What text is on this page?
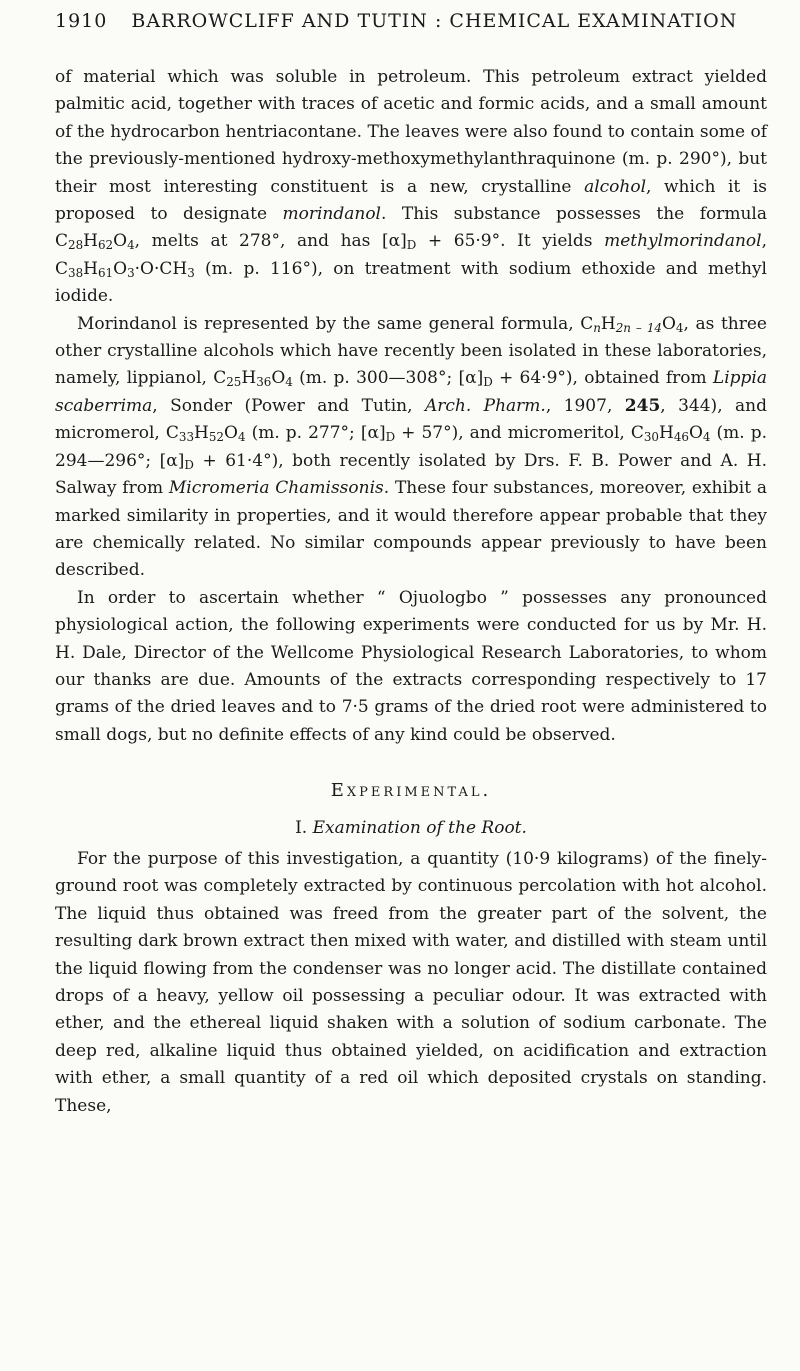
1910 BARROWCLIFF AND TUTIN : CHEMICAL EXAMINATION

of material which was soluble in petroleum. This petroleum extract yielded palmitic acid, together with traces of acetic and formic acids, and a small amount of the hydrocarbon hentriacontane. The leaves were also found to contain some of the previously-mentioned hydroxy-methoxymethylanthraquinone (m. p. 290°), but their most interesting constituent is a new, crystalline alcohol, which it is proposed to designate morindanol. This substance possesses the formula $C_{28}H_{62}O_4$, melts at 278°, and has $[\alpha]_D + 65\cdot 9^\circ$. It yields methylmorindanol, $C_{38}H_{61}O_3\cdot O\cdot CH_3$ (m. p. 116°), on treatment with sodium ethoxide and methyl iodide.

Morindanol is represented by the same general formula, $C_nH_{2n - 14}O_4$, as three other crystalline alcohols which have recently been isolated in these laboratories, namely, lippianol, $C_{25}H_{36}O_4$ (m. p. 300—308°; $[\alpha]_D + 64\cdot 9^\circ$), obtained from Lippia scaberrima, Sonder (Power and Tutin, Arch. Pharm., 1907, 245, 344), and micromerol, $C_{33}H_{52}O_4$ (m. p. 277°; $[\alpha]_D + 57^\circ$), and micromeritol, $C_{30}H_{46}O_4$ (m. p. 294—296°; $[\alpha]_D + 61\cdot 4^\circ$), both recently isolated by Drs. F. B. Power and A. H. Salway from Micromeria Chamissonis. These four substances, moreover, exhibit a marked similarity in properties, and it would therefore appear probable that they are chemically related. No similar compounds appear previously to have been described.

In order to ascertain whether “ Ojuologbo ” possesses any pronounced physiological action, the following experiments were conducted for us by Mr. H. H. Dale, Director of the Wellcome Physiological Research Laboratories, to whom our thanks are due. Amounts of the extracts corresponding respectively to 17 grams of the dried leaves and to 7·5 grams of the dried root were administered to small dogs, but no definite effects of any kind could be observed.

Experimental.
I. Examination of the Root.

For the purpose of this investigation, a quantity (10·9 kilograms) of the finely-ground root was completely extracted by continuous percolation with hot alcohol. The liquid thus obtained was freed from the greater part of the solvent, the resulting dark brown extract then mixed with water, and distilled with steam until the liquid flowing from the condenser was no longer acid. The distillate contained drops of a heavy, yellow oil possessing a peculiar odour. It was extracted with ether, and the ethereal liquid shaken with a solution of sodium carbonate. The deep red, alkaline liquid thus obtained yielded, on acidification and extraction with ether, a small quantity of a red oil which deposited crystals on standing. These,
